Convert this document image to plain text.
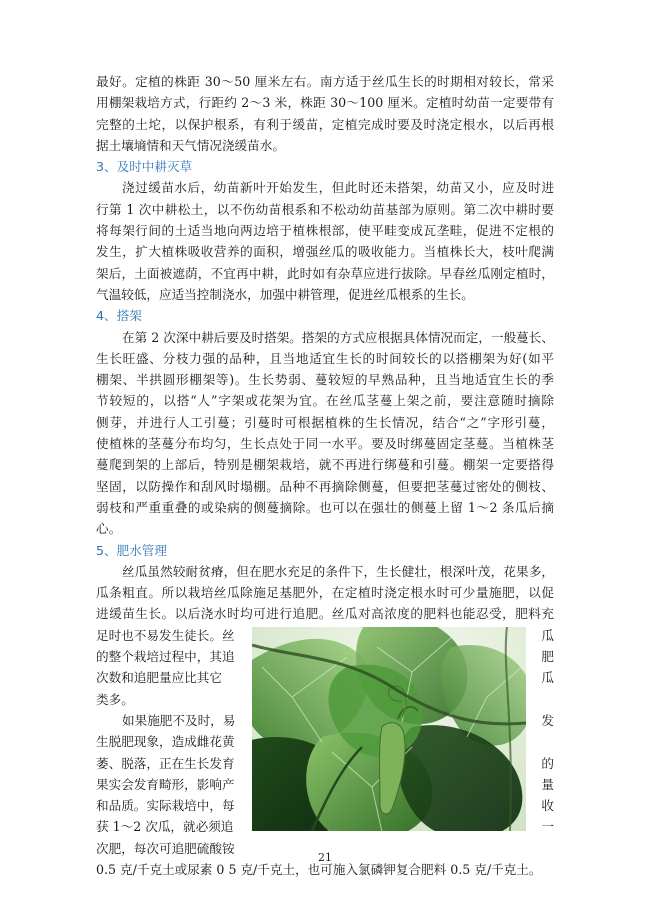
最好。定植的株距 30～50 厘米左右。南方适于丝瓜生长的时期相对较长，常采
用棚架栽培方式，行距约 2～3 米，株距 30～100 厘米。定植时幼苗一定要带有
完整的土坨，以保护根系，有利于缓苗，定植完成时要及时浇定根水，以后再根
据土壤墒情和天气情况浇缓苗水。
3、及时中耕灭草
浇过缓苗水后，幼苗新叶开始发生，但此时还未搭架，幼苗又小，应及时进
行第 1 次中耕松土，以不伤幼苗根系和不松动幼苗基部为原则。第二次中耕时要
将每架行间的土适当地向两边培于植株根部，使平畦变成瓦垄畦，促进不定根的
发生，扩大植株吸收营养的面积，增强丝瓜的吸收能力。当植株长大，枝叶爬满
架后，土面被遮荫，不宜再中耕，此时如有杂草应进行拔除。早春丝瓜刚定植时，
气温较低，应适当控制浇水，加强中耕管理，促进丝瓜根系的生长。
4、搭架
在第 2 次深中耕后要及时搭架。搭架的方式应根据具体情况而定，一般蔓长、
生长旺盛、分枝力强的品种，且当地适宜生长的时间较长的以搭棚架为好(如平
棚架、半拱圆形棚架等)。生长势弱、蔓较短的早熟品种，且当地适宜生长的季
节较短的，以搭“人”字架或花架为宜。在丝瓜茎蔓上架之前，要注意随时摘除
侧芽，并进行人工引蔓；引蔓时可根据植株的生长情况，结合“之”字形引蔓，
使植株的茎蔓分布均匀，生长点处于同一水平。要及时绑蔓固定茎蔓。当植株茎
蔓爬到架的上部后，特别是棚架栽培，就不再进行绑蔓和引蔓。棚架一定要搭得
坚固，以防操作和刮风时塌棚。品种不再摘除侧蔓，但要把茎蔓过密处的侧枝、
弱枝和严重重叠的或染病的侧蔓摘除。也可以在强壮的侧蔓上留 1～2 条瓜后摘
心。
5、肥水管理
丝瓜虽然较耐贫瘠，但在肥水充足的条件下，生长健壮，根深叶茂，花果多，
瓜条粗直。所以栽培丝瓜除施足基肥外，在定植时浇定根水时可少量施肥，以促
进缓苗生长。以后浇水时均可进行追肥。丝瓜对高浓度的肥料也能忍受，肥料充
足时也不易发生徒长。丝
的整个栽培过程中，其追
次数和追肥量应比其它
类多。
如果施肥不及时，易
生脱肥现象，造成雌花黄
萎、脱落，正在生长发育
果实会发育畸形，影响产
和品质。实际栽培中，每
获 1～2 次瓜，就必须追
瓜
肥
瓜
发
的
量
收
一
次肥，每次可追肥硫酸铵
0.5 克/千克土或尿素 0 5 克/千克土，也可施入氯磷钾复合肥料 0.5 克/千克土。
21
